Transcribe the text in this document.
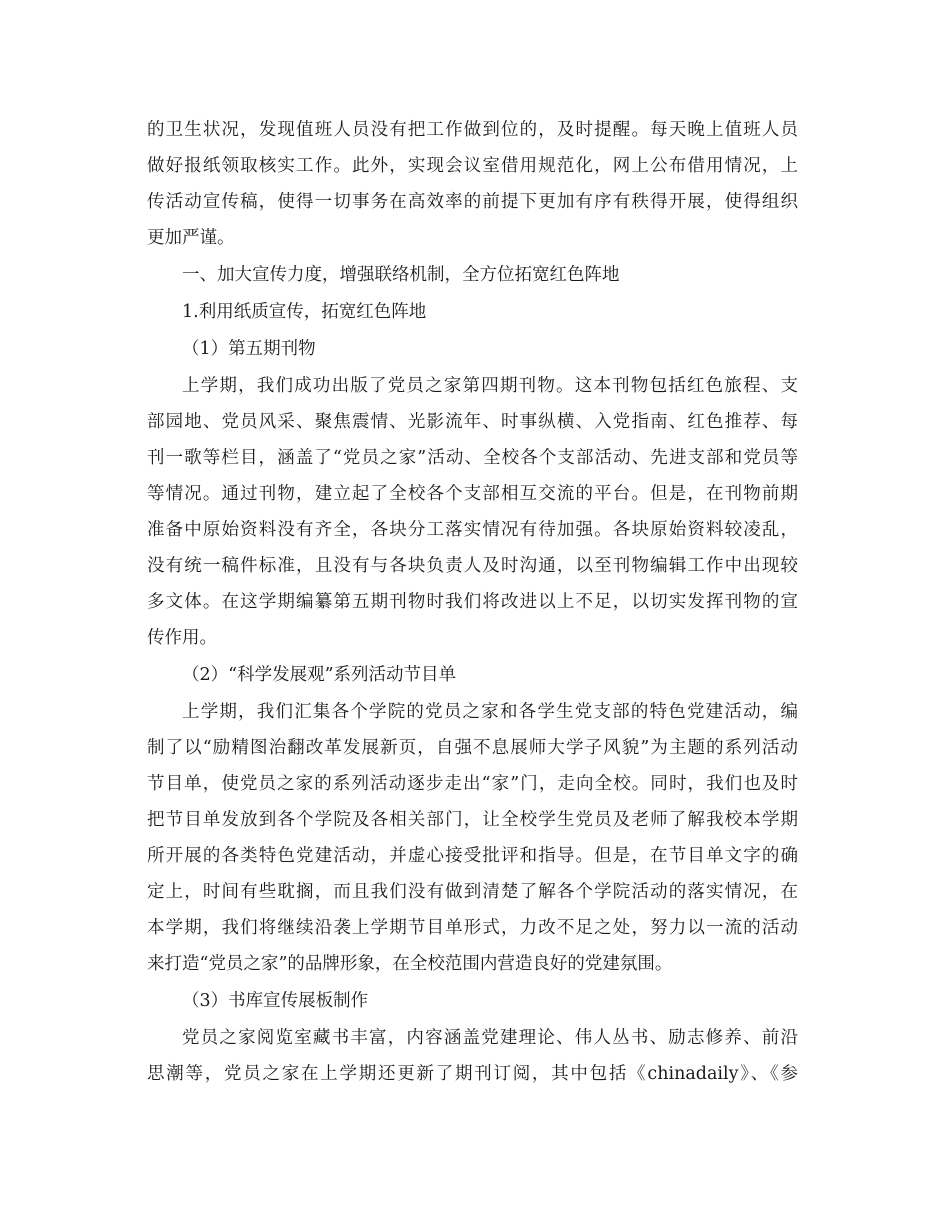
的卫生状况，发现值班人员没有把工作做到位的，及时提醒。每天晚上值班人员
做好报纸领取核实工作。此外，实现会议室借用规范化，网上公布借用情况，上
传活动宣传稿，使得一切事务在高效率的前提下更加有序有秩得开展，使得组织
更加严谨。
一、加大宣传力度，增强联络机制，全方位拓宽红色阵地
1.利用纸质宣传，拓宽红色阵地
（1）第五期刊物
上学期，我们成功出版了党员之家第四期刊物。这本刊物包括红色旅程、支
部园地、党员风采、聚焦震情、光影流年、时事纵横、入党指南、红色推荐、每
刊一歌等栏目，涵盖了“党员之家”活动、全校各个支部活动、先进支部和党员等
等情况。通过刊物，建立起了全校各个支部相互交流的平台。但是，在刊物前期
准备中原始资料没有齐全，各块分工落实情况有待加强。各块原始资料较凌乱，
没有统一稿件标准，且没有与各块负责人及时沟通，以至刊物编辑工作中出现较
多文体。在这学期编纂第五期刊物时我们将改进以上不足，以切实发挥刊物的宣
传作用。
（2）“科学发展观”系列活动节目单
上学期，我们汇集各个学院的党员之家和各学生党支部的特色党建活动，编
制了以“励精图治翻改革发展新页，自强不息展师大学子风貌”为主题的系列活动
节目单，使党员之家的系列活动逐步走出“家”门，走向全校。同时，我们也及时
把节目单发放到各个学院及各相关部门，让全校学生党员及老师了解我校本学期
所开展的各类特色党建活动，并虚心接受批评和指导。但是，在节目单文字的确
定上，时间有些耽搁，而且我们没有做到清楚了解各个学院活动的落实情况，在
本学期，我们将继续沿袭上学期节目单形式，力改不足之处，努力以一流的活动
来打造“党员之家”的品牌形象，在全校范围内营造良好的党建氛围。
（3）书库宣传展板制作
党员之家阅览室藏书丰富，内容涵盖党建理论、伟人丛书、励志修养、前沿
思潮等，党员之家在上学期还更新了期刊订阅，其中包括《chinadaily》、《参
